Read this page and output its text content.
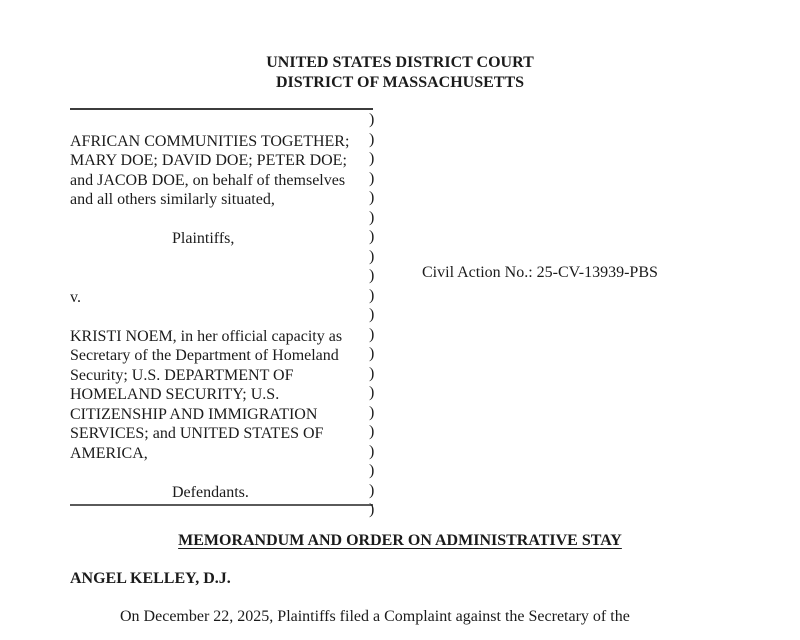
UNITED STATES DISTRICT COURT
DISTRICT OF MASSACHUSETTS
AFRICAN COMMUNITIES TOGETHER;
MARY DOE; DAVID DOE; PETER DOE;
and JACOB DOE, on behalf of themselves
and all others similarly situated,
Plaintiffs,
v.
KRISTI NOEM, in her official capacity as
Secretary of the Department of Homeland
Security; U.S. DEPARTMENT OF
HOMELAND SECURITY; U.S.
CITIZENSHIP AND IMMIGRATION
SERVICES; and UNITED STATES OF
AMERICA,
Defendants.
)
)
)
)
)
)
)
)
)
)
)
)
)
)
)
)
)
)
)
)
)
Civil Action No.: 25-CV-13939-PBS
MEMORANDUM AND ORDER ON ADMINISTRATIVE STAY
ANGEL KELLEY, D.J.
On December 22, 2025, Plaintiffs filed a Complaint against the Secretary of the
